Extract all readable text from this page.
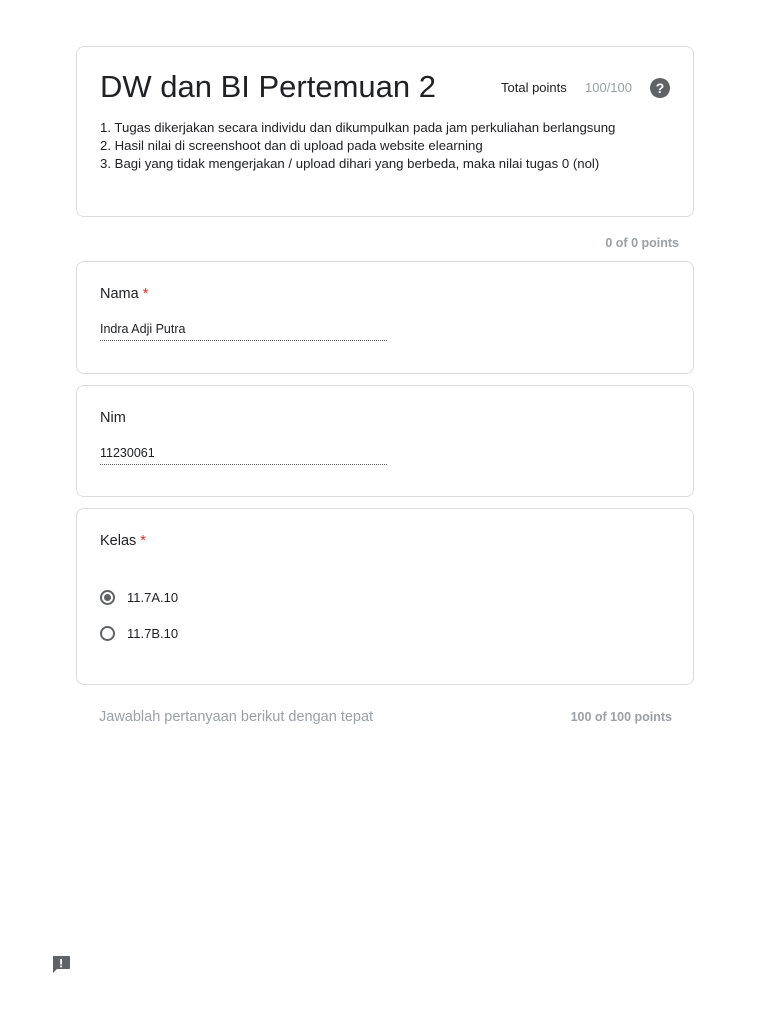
DW dan BI Pertemuan 2	Total points 100/100	?
1. Tugas dikerjakan secara individu dan dikumpulkan pada jam perkuliahan berlangsung
2. Hasil nilai di screenshoot dan di upload pada website elearning
3. Bagi yang tidak mengerjakan / upload dihari yang berbeda, maka nilai tugas 0 (nol)
0 of 0 points
Nama *
Indra Adji Putra
Nim
11230061
Kelas *
11.7A.10
11.7B.10
Jawablah pertanyaan berikut dengan tepat	100 of 100 points
